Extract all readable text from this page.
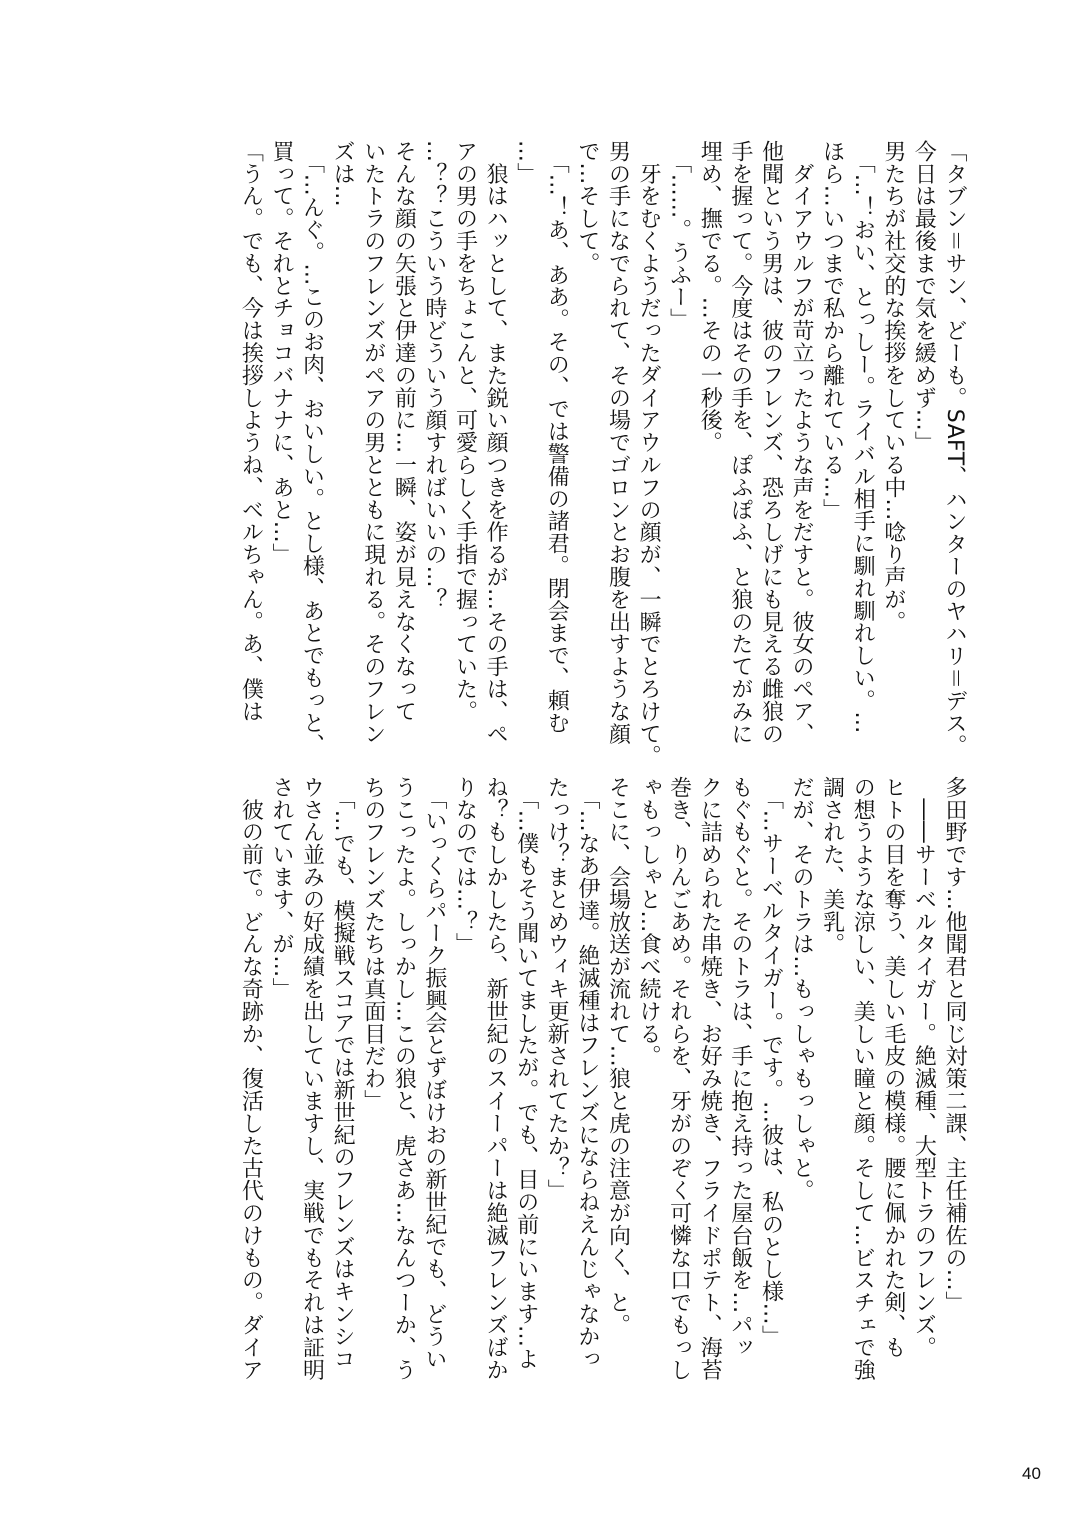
「タブン＝サン、どーも。SAFT、ハンターのヤハリ＝デス。
今日は最後まで気を緩めず…」
男たちが社交的な挨拶をしている中…唸り声が。
　「…！おい、とっしー。ライバル相手に馴れ馴れしい。…
ほら…いつまで私から離れている…」
　ダイアウルフが苛立ったような声をだすと。彼女のペア、
他聞という男は、彼のフレンズ、恐ろしげにも見える雌狼の
手を握って。今度はその手を、ぽふぽふ、と狼のたてがみに
埋め、撫でる。…その一秒後。
　「……。うふー」
　牙をむくようだったダイアウルフの顔が、一瞬でとろけて。
男の手になでられて、その場でゴロンとお腹を出すような顔
で…そして。
　「…！あ、ああ。その、では警備の諸君。閉会まで、頼む
…」
　狼はハッとして、また鋭い顔つきを作るが…その手は、ペ
アの男の手をちょこんと、可愛らしく手指で握っていた。
…？？こういう時どういう顔すればいいの…？
そんな顔の矢張と伊達の前に…一瞬、姿が見えなくなって
いたトラのフレンズがペアの男とともに現れる。そのフレン
ズは…
　「…んぐ。…このお肉、おいしい。とし様、あとでもっと、
買って。それとチョコバナナに、あと…」
「うん。でも、今は挨拶しようね、ベルちゃん。あ、僕は
多田野です…他聞君と同じ対策二課、主任補佐の…」
　――サーベルタイガー。絶滅種、大型トラのフレンズ。
ヒトの目を奪う、美しい毛皮の模様。腰に佩かれた剣、も
の想うような涼しい、美しい瞳と顔。そして…ビスチェで強
調された、美乳。
だが、そのトラは…もっしゃもっしゃと。
　「…サーベルタイガー。です。…彼は、私のとし様…」
もぐもぐと。そのトラは、手に抱え持った屋台飯を…パッ
クに詰められた串焼き、お好み焼き、フライドポテト、海苔
巻き、りんごあめ。それらを、牙がのぞく可憐な口でもっし
ゃもっしゃと…食べ続ける。
そこに、会場放送が流れて…狼と虎の注意が向く、と。
　「…なあ伊達。絶滅種はフレンズにならねえんじゃなかっ
たっけ？まとめウィキ更新されてたか？」
　「…僕もそう聞いてましたが。でも、目の前にいます…よ
ね？もしかしたら、新世紀のスイーパーは絶滅フレンズばか
りなのでは…？」
　「いっくらパーク振興会とずぼけおの新世紀でも、どうい
うこったよ。しっかし…この狼と、虎さあ…なんつーか、う
ちのフレンズたちは真面目だわ」
　「…でも、模擬戦スコアでは新世紀のフレンズはキンシコ
ウさん並みの好成績を出していますし、実戦でもそれは証明
されています、が…」
　彼の前で。どんな奇跡か、復活した古代のけもの。ダイア
40
